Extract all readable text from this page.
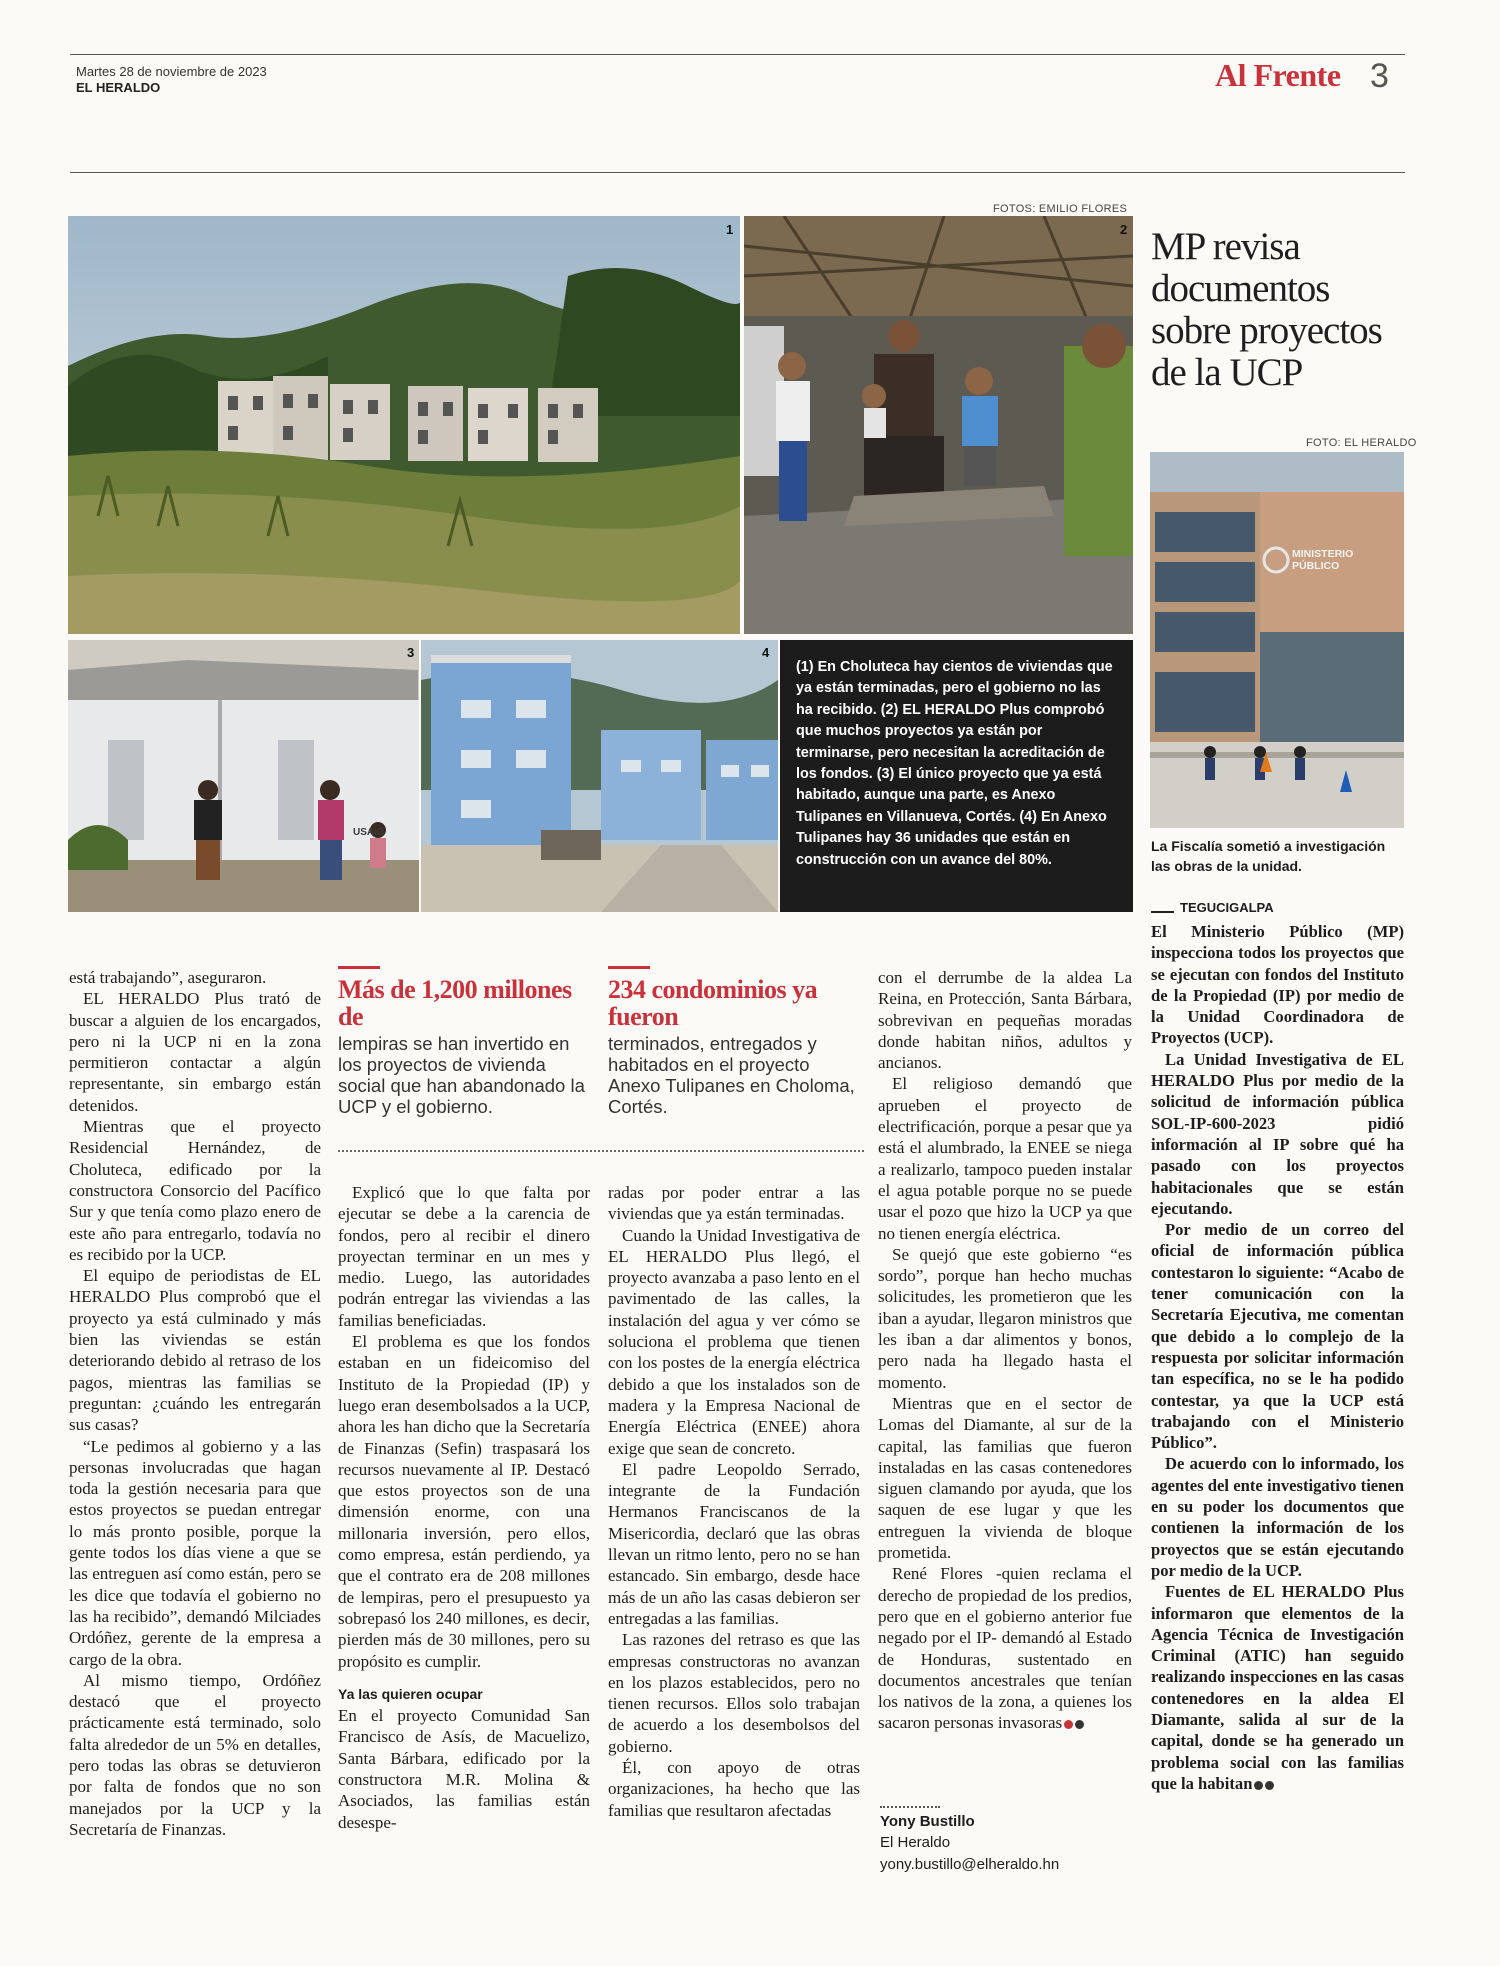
Martes 28 de noviembre de 2023
EL HERALDO	Al Frente 3
FOTOS: EMILIO FLORES
1	2
USAID
3	4
(1) En Choluteca hay cientos de viviendas que ya están terminadas, pero el gobierno no las ha recibido. (2) EL HERALDO Plus comprobó que muchos proyectos ya están por terminarse, pero necesitan la acreditación de los fondos. (3) El único proyecto que ya está habitado, aunque una parte, es Anexo Tulipanes en Villanueva, Cortés. (4) En Anexo Tulipanes hay 36 unidades que están en construcción con un avance del 80%.
MP revisa documentos sobre proyectos de la UCP
FOTO: EL HERALDO
MINISTERIO PÚBLICO
La Fiscalía sometió a investigación las obras de la unidad.
TEGUCIGALPA

El Ministerio Público (MP) inspecciona todos los proyectos que se ejecutan con fondos del Instituto de la Propiedad (IP) por medio de la Unidad Coordinadora de Proyectos (UCP).

La Unidad Investigativa de EL HERALDO Plus por medio de la solicitud de información pública SOL-IP-600-2023 pidió información al IP sobre qué ha pasado con los proyectos habitacionales que se están ejecutando.

Por medio de un correo del oficial de información pública contestaron lo siguiente: “Acabo de tener comunicación con la Secretaría Ejecutiva, me comentan que debido a lo complejo de la respuesta por solicitar información tan específica, no se le ha podido contestar, ya que la UCP está trabajando con el Ministerio Público”.

De acuerdo con lo informado, los agentes del ente investigativo tienen en su poder los documentos que contienen la información de los proyectos que se están ejecutando por medio de la UCP.

Fuentes de EL HERALDO Plus informaron que elementos de la Agencia Técnica de Investigación Criminal (ATIC) han seguido realizando inspecciones en las casas contenedores en la aldea El Diamante, salida al sur de la capital, donde se ha generado un problema social con las familias que la habitan

está trabajando”, aseguraron.

EL HERALDO Plus trató de buscar a alguien de los encargados, pero ni la UCP ni en la zona permitieron contactar a algún representante, sin embargo están detenidos.

Mientras que el proyecto Residencial Hernández, de Choluteca, edificado por la constructora Consorcio del Pacífico Sur y que tenía como plazo enero de este año para entregarlo, todavía no es recibido por la UCP.

El equipo de periodistas de EL HERALDO Plus comprobó que el proyecto ya está culminado y más bien las viviendas se están deteriorando debido al retraso de los pagos, mientras las familias se preguntan: ¿cuándo les entregarán sus casas?

“Le pedimos al gobierno y a las personas involucradas que hagan toda la gestión necesaria para que estos proyectos se puedan entregar lo más pronto posible, porque la gente todos los días viene a que se las entreguen así como están, pero se les dice que todavía el gobierno no las ha recibido”, demandó Milciades Ordóñez, gerente de la empresa a cargo de la obra.

Al mismo tiempo, Ordóñez destacó que el proyecto prácticamente está terminado, solo falta alrededor de un 5% en detalles, pero todas las obras se detuvieron por falta de fondos que no son manejados por la UCP y la Secretaría de Finanzas.

Más de 1,200 millones de
lempiras se han invertido en los proyectos de vivienda social que han abandonado la UCP y el gobierno.
234 condominios ya fueron
terminados, entregados y habitados en el proyecto Anexo Tulipanes en Choloma, Cortés.

Explicó que lo que falta por ejecutar se debe a la carencia de fondos, pero al recibir el dinero proyectan terminar en un mes y medio. Luego, las autoridades podrán entregar las viviendas a las familias beneficiadas.

El problema es que los fondos estaban en un fideicomiso del Instituto de la Propiedad (IP) y luego eran desembolsados a la UCP, ahora les han dicho que la Secretaría de Finanzas (Sefin) traspasará los recursos nuevamente al IP. Destacó que estos proyectos son de una dimensión enorme, con una millonaria inversión, pero ellos, como empresa, están perdiendo, ya que el contrato era de 208 millones de lempiras, pero el presupuesto ya sobrepasó los 240 millones, es decir, pierden más de 30 millones, pero su propósito es cumplir.

Ya las quieren ocupar

En el proyecto Comunidad San Francisco de Asís, de Macuelizo, Santa Bárbara, edificado por la constructora M.R. Molina & Asociados, las familias están desespe-

radas por poder entrar a las viviendas que ya están terminadas.

Cuando la Unidad Investigativa de EL HERALDO Plus llegó, el proyecto avanzaba a paso lento en el pavimentado de las calles, la instalación del agua y ver cómo se soluciona el problema que tienen con los postes de la energía eléctrica debido a que los instalados son de madera y la Empresa Nacional de Energía Eléctrica (ENEE) ahora exige que sean de concreto.

El padre Leopoldo Serrado, integrante de la Fundación Hermanos Franciscanos de la Misericordia, declaró que las obras llevan un ritmo lento, pero no se han estancado. Sin embargo, desde hace más de un año las casas debieron ser entregadas a las familias.

Las razones del retraso es que las empresas constructoras no avanzan en los plazos establecidos, pero no tienen recursos. Ellos solo trabajan de acuerdo a los desembolsos del gobierno.

Él, con apoyo de otras organizaciones, ha hecho que las familias que resultaron afectadas

con el derrumbe de la aldea La Reina, en Protección, Santa Bárbara, sobrevivan en pequeñas moradas donde habitan niños, adultos y ancianos.

El religioso demandó que aprueben el proyecto de electrificación, porque a pesar que ya está el alumbrado, la ENEE se niega a realizarlo, tampoco pueden instalar el agua potable porque no se puede usar el pozo que hizo la UCP ya que no tienen energía eléctrica.

Se quejó que este gobierno “es sordo”, porque han hecho muchas solicitudes, les prometieron que les iban a ayudar, llegaron ministros que les iban a dar alimentos y bonos, pero nada ha llegado hasta el momento.

Mientras que en el sector de Lomas del Diamante, al sur de la capital, las familias que fueron instaladas en las casas contenedores siguen clamando por ayuda, que los saquen de ese lugar y que les entreguen la vivienda de bloque prometida.

René Flores -quien reclama el derecho de propiedad de los predios, pero que en el gobierno anterior fue negado por el IP- demandó al Estado de Honduras, sustentado en documentos ancestrales que tenían los nativos de la zona, a quienes los sacaron personas invasoras

Yony Bustillo
El Heraldo
yony.bustillo@elheraldo.hn
